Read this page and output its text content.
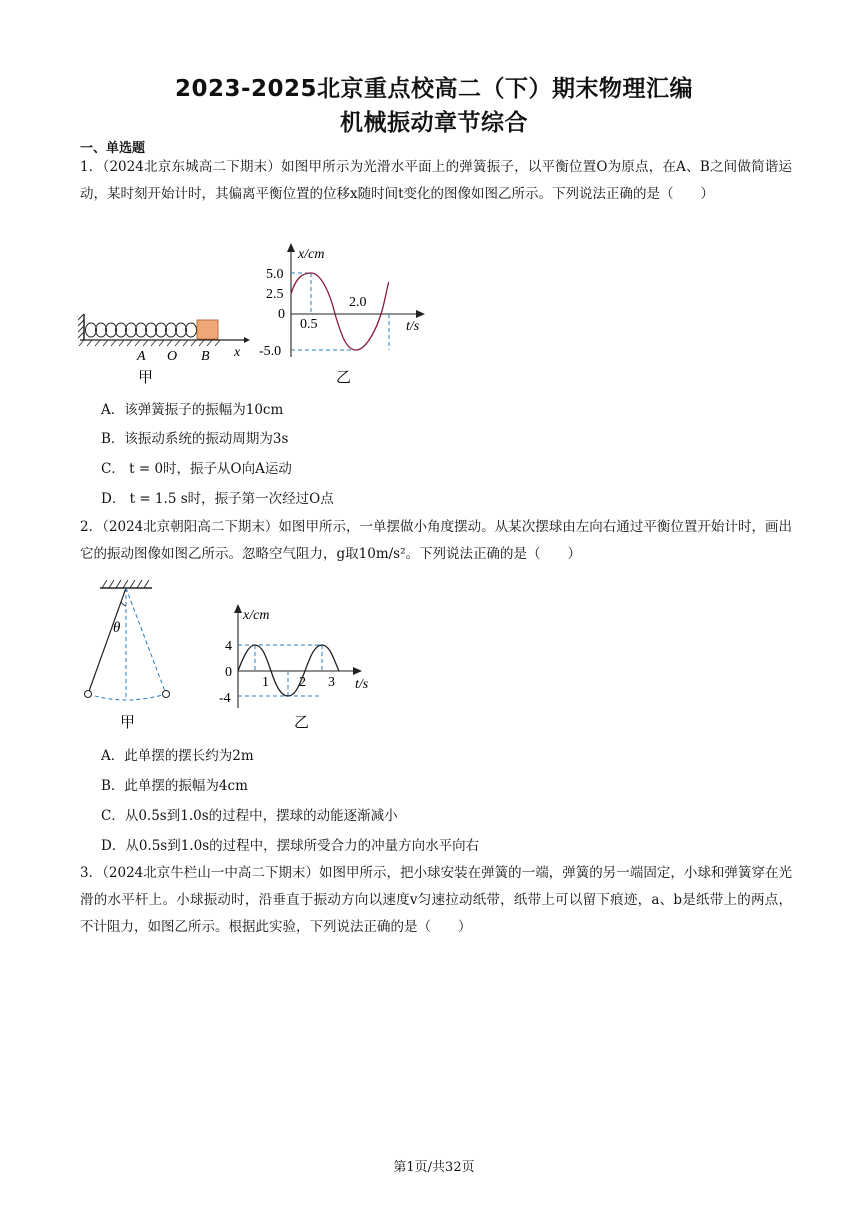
2023-2025北京重点校高二（下）期末物理汇编
机械振动章节综合
一、单选题
1．（2024北京东城高二下期末）如图甲所示为光滑水平面上的弹簧振子，以平衡位置O为原点，在A、B之间做简谐运动，某时刻开始计时，其偏离平衡位置的位移x随时间t变化的图像如图乙所示。下列说法正确的是（　　）
A O B x
甲
x/cm
t/s
5.0
2.5
0
-5.0
0.5
2.0
乙
A．该弹簧振子的振幅为10cm
B．该振动系统的振动周期为3s
C． t = 0时，振子从O向A运动
D． t = 1.5 s时，振子第一次经过O点
2．（2024北京朝阳高二下期末）如图甲所示，一单摆做小角度摆动。从某次摆球由左向右通过平衡位置开始计时，画出它的振动图像如图乙所示。忽略空气阻力，g取10m/s²。下列说法正确的是（　　）
θ
甲
x/cm
t/s
4
0
-4
1 2 3
乙
A．此单摆的摆长约为2m
B．此单摆的振幅为4cm
C．从0.5s到1.0s的过程中，摆球的动能逐渐减小
D．从0.5s到1.0s的过程中，摆球所受合力的冲量方向水平向右
3．（2024北京牛栏山一中高二下期末）如图甲所示，把小球安装在弹簧的一端，弹簧的另一端固定，小球和弹簧穿在光滑的水平杆上。小球振动时，沿垂直于振动方向以速度v匀速拉动纸带，纸带上可以留下痕迹，a、b是纸带上的两点，不计阻力，如图乙所示。根据此实验，下列说法正确的是（　　）
第1页/共32页
